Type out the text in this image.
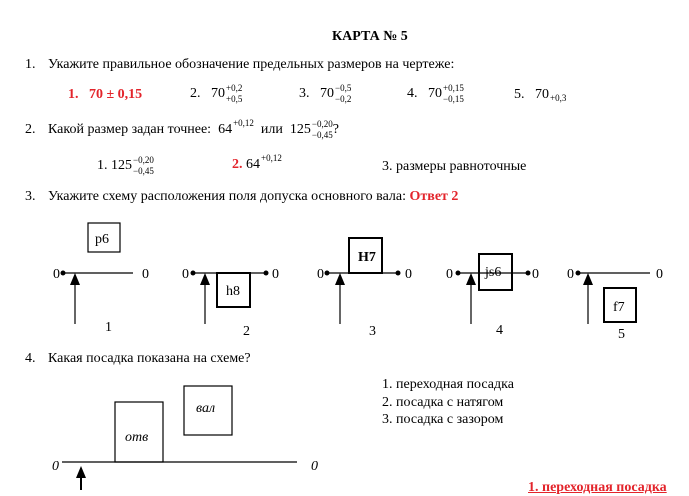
КАРТА № 5
1. Укажите правильное обозначение предельных размеров на чертеже:
1. 70 ± 0,15	2. 70 +0,2
+0,5	3. 70 −0,5
−0,2	4. 70 +0,15
−0,15	5. $70_{+0,3}$
2. Какой размер задан точнее: $64^{+0,12}$ или 125 −0,20
−0,45 ?
1. 125 −0,20
−0,45	2. $64^{+0,12}$
3. размеры равноточные
3. Укажите схему расположения поля допуска основного вала: Ответ 2
0	0 0	0	0	0 0	0 0	0
p6
h8
H7
js6
f7
1	2	3	4	5
отв
вал
0	0
4. Какая посадка показана на схеме?
1. переходная посадка
2. посадка с натягом
3. посадка с зазором
1. переходная посадка
